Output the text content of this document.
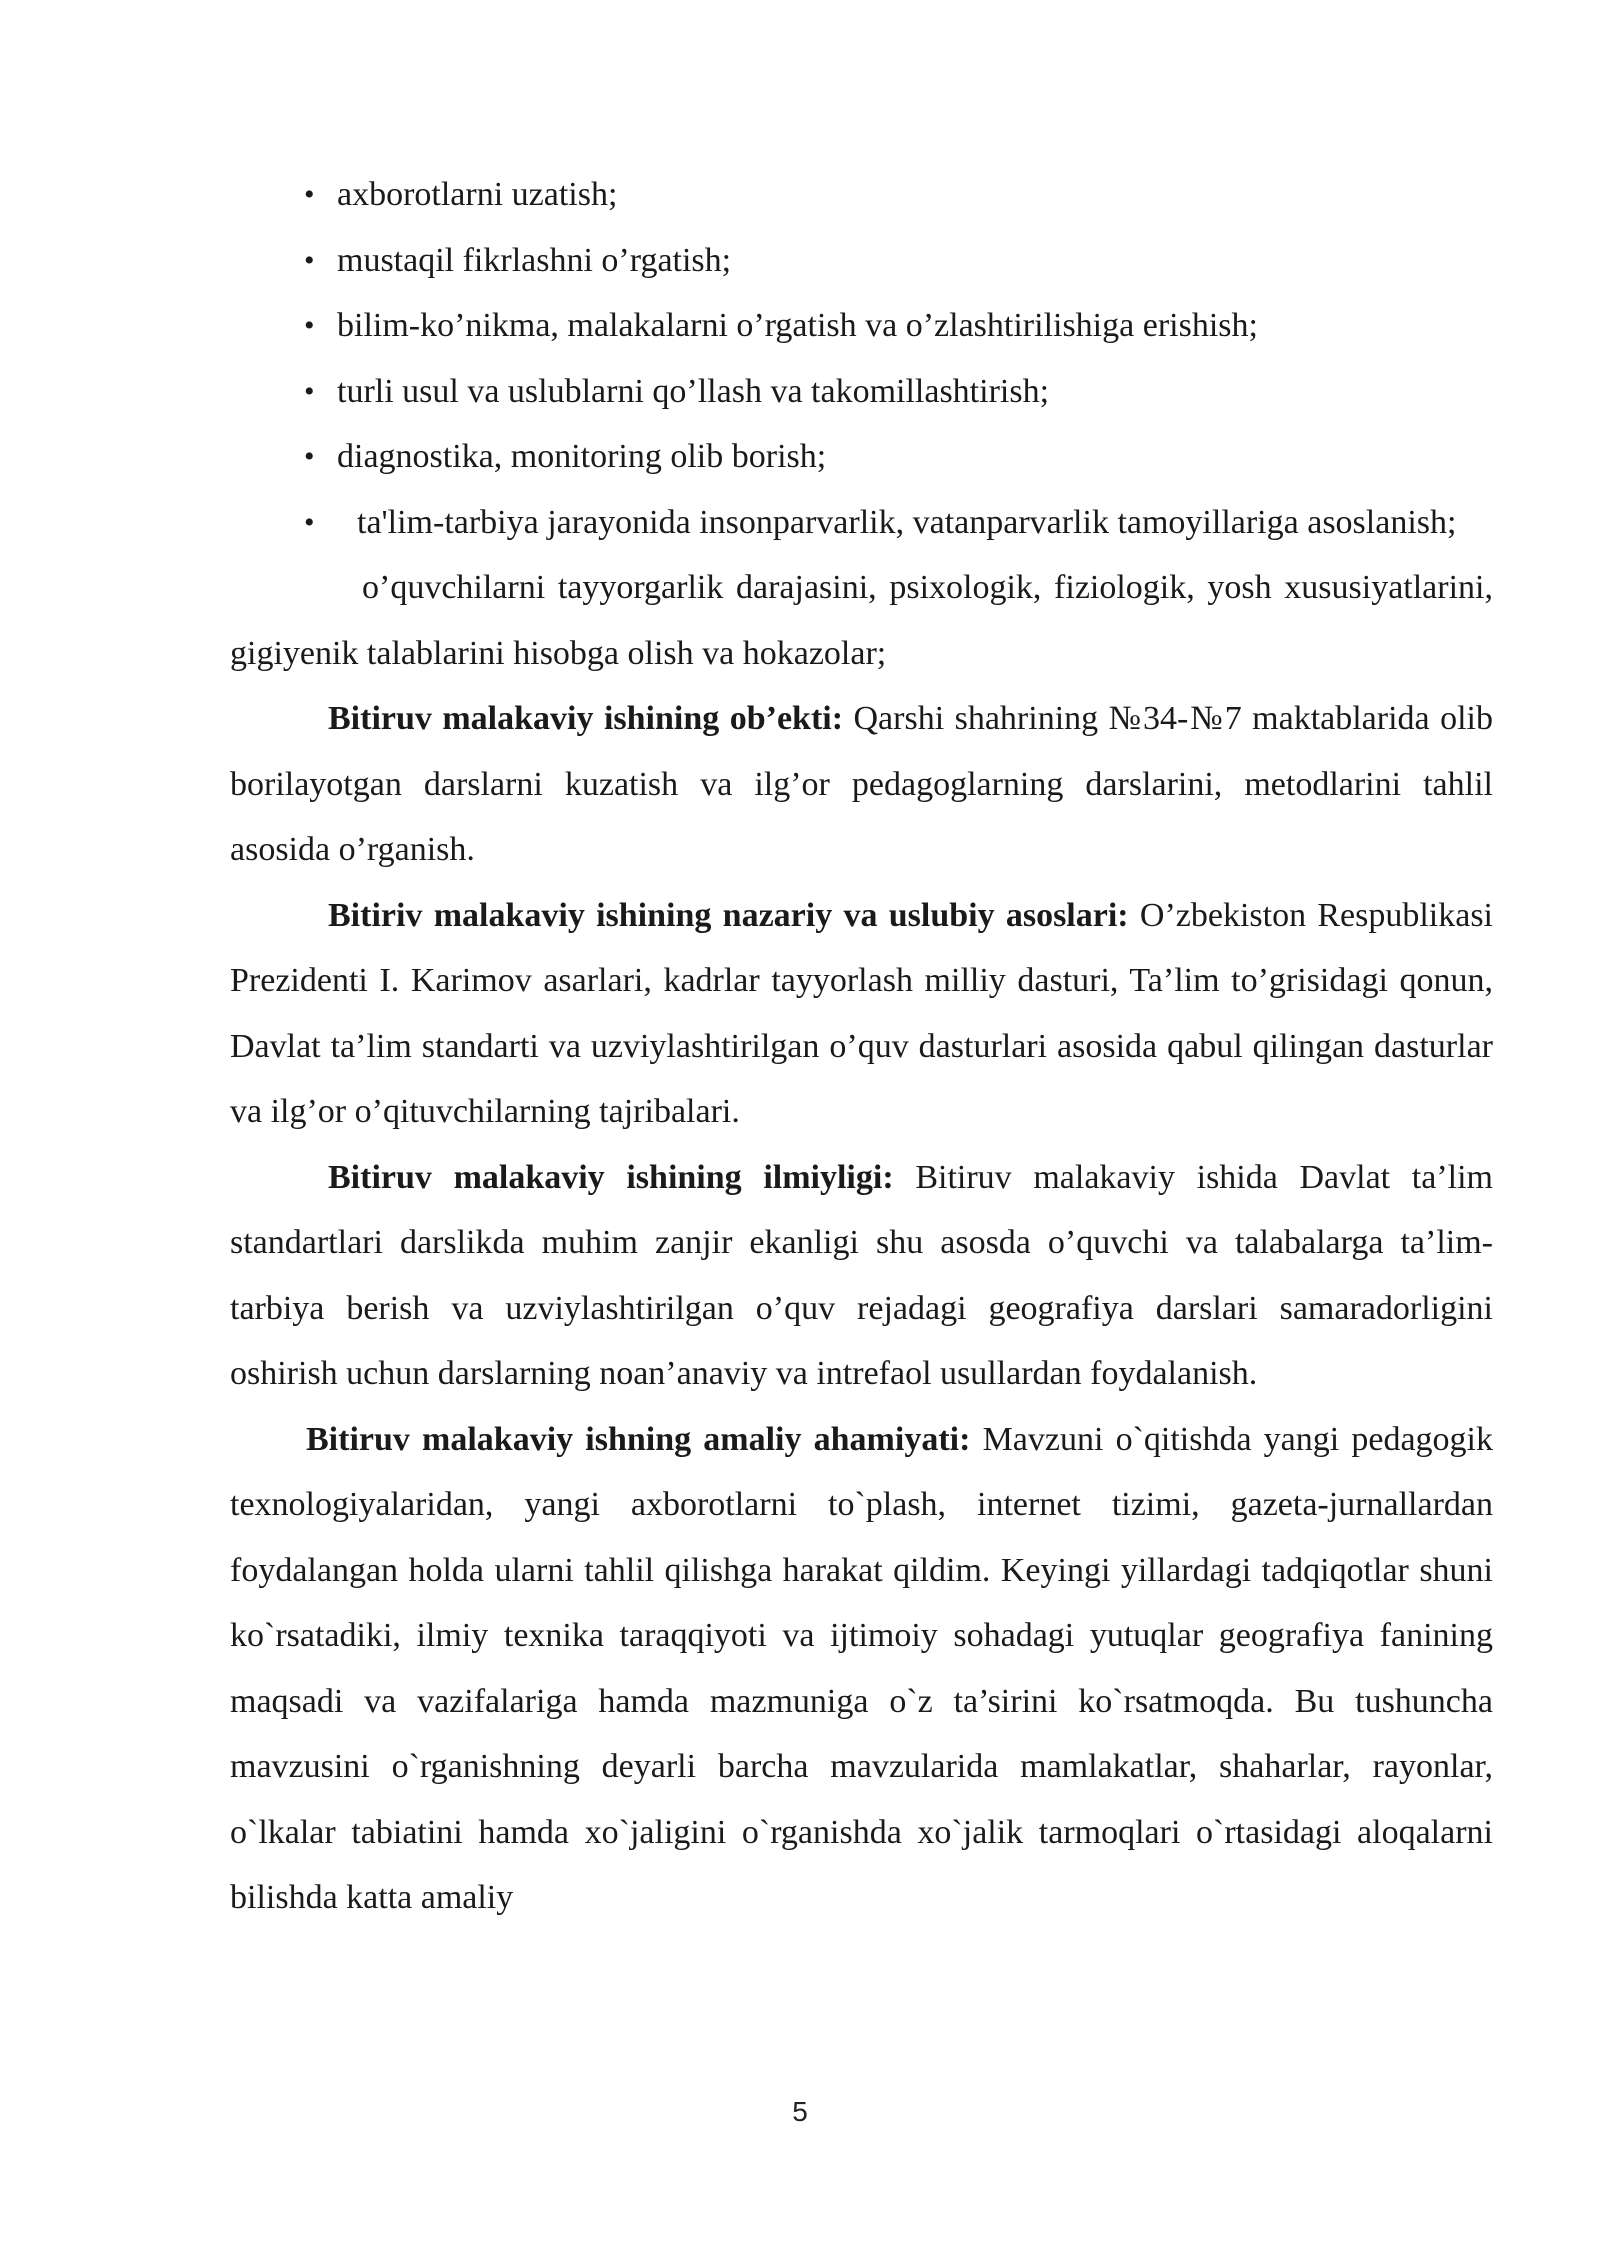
• axborotlarni uzatish;
• mustaqil fikrlashni o’rgatish;
• bilim-ko’nikma, malakalarni o’rgatish va o’zlashtirilishiga erishish;
• turli usul va uslublarni qo’llash va takomillashtirish;
• diagnostika, monitoring olib borish;
•	ta'lim-tarbiya jarayonida insonparvarlik, vatanparvarlik tamoyillariga asoslanish;

o’quvchilarni tayyorgarlik darajasini, psixologik, fiziologik, yosh xususiyatlarini, gigiyenik talablarini hisobga olish va hokazolar;

Bitiruv malakaviy ishining ob’ekti: Qarshi shahrining №34-№7 maktablarida olib borilayotgan darslarni kuzatish va ilg’or pedagoglarning darslarini, metodlarini tahlil asosida o’rganish.

Bitiriv malakaviy ishining nazariy va uslubiy asoslari: O’zbekiston Respublikasi Prezidenti I. Karimov asarlari, kadrlar tayyorlash milliy dasturi, Ta’lim to’grisidagi qonun, Davlat ta’lim standarti va uzviylashtirilgan o’quv dasturlari asosida qabul qilingan dasturlar va ilg’or o’qituvchilarning tajribalari.

Bitiruv malakaviy ishining ilmiyligi: Bitiruv malakaviy ishida Davlat ta’lim standartlari darslikda muhim zanjir ekanligi shu asosda o’quvchi va talabalarga ta’lim-tarbiya berish va uzviylashtirilgan o’quv rejadagi geografiya darslari samaradorligini oshirish uchun darslarning noan’anaviy va intrefaol usullardan foydalanish.

Bitiruv malakaviy ishning amaliy ahamiyati: Mavzuni o`qitishda yangi pedagogik texnologiyalaridan, yangi axborotlarni to`plash, internet tizimi, gazeta-jurnallardan foydalangan holda ularni tahlil qilishga harakat qildim. Keyingi yillardagi tadqiqotlar shuni ko`rsatadiki, ilmiy texnika taraqqiyoti va ijtimoiy sohadagi yutuqlar geografiya fanining maqsadi va vazifalariga hamda mazmuniga o`z ta’sirini ko`rsatmoqda. Bu tushuncha mavzusini o`rganishning deyarli barcha mavzularida mamlakatlar, shaharlar, rayonlar, o`lkalar tabiatini hamda xo`jaligini o`rganishda xo`jalik tarmoqlari o`rtasidagi aloqalarni bilishda katta amaliy

5
